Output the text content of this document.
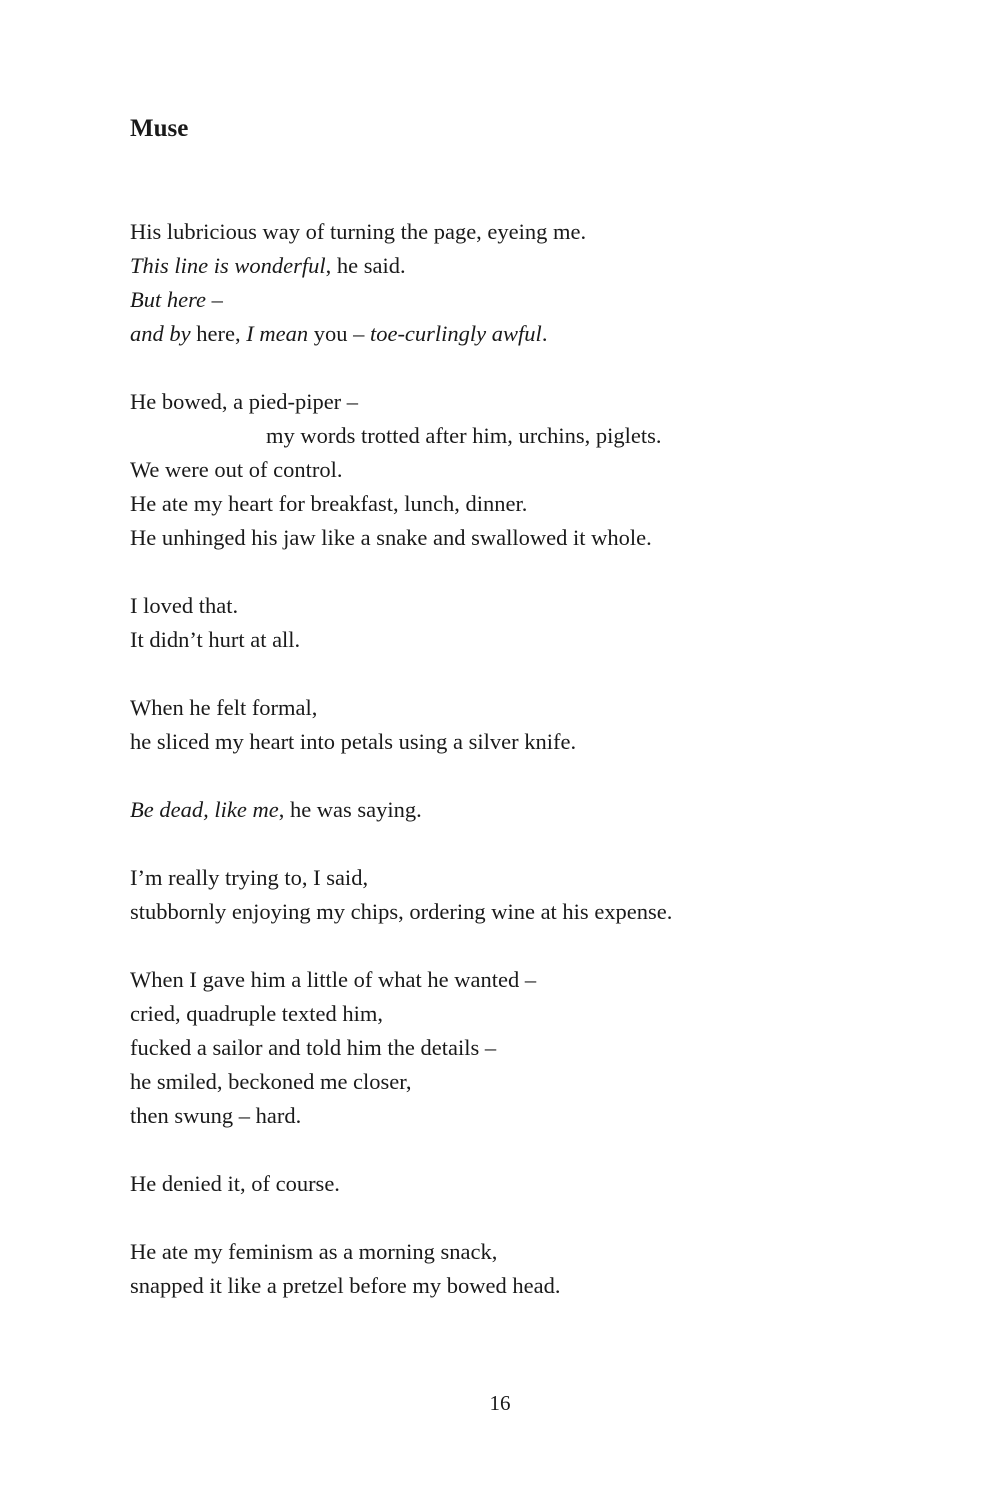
Muse
His lubricious way of turning the page, eyeing me.
This line is wonderful, he said.
But here –
and by here, I mean you – toe-curlingly awful.
He bowed, a pied-piper –
my words trotted after him, urchins, piglets.
We were out of control.
He ate my heart for breakfast, lunch, dinner.
He unhinged his jaw like a snake and swallowed it whole.
I loved that.
It didn’t hurt at all.
When he felt formal,
he sliced my heart into petals using a silver knife.
Be dead, like me, he was saying.
I’m really trying to, I said,
stubbornly enjoying my chips, ordering wine at his expense.
When I gave him a little of what he wanted –
cried, quadruple texted him,
fucked a sailor and told him the details –
he smiled, beckoned me closer,
then swung – hard.
He denied it, of course.
He ate my feminism as a morning snack,
snapped it like a pretzel before my bowed head.
16
